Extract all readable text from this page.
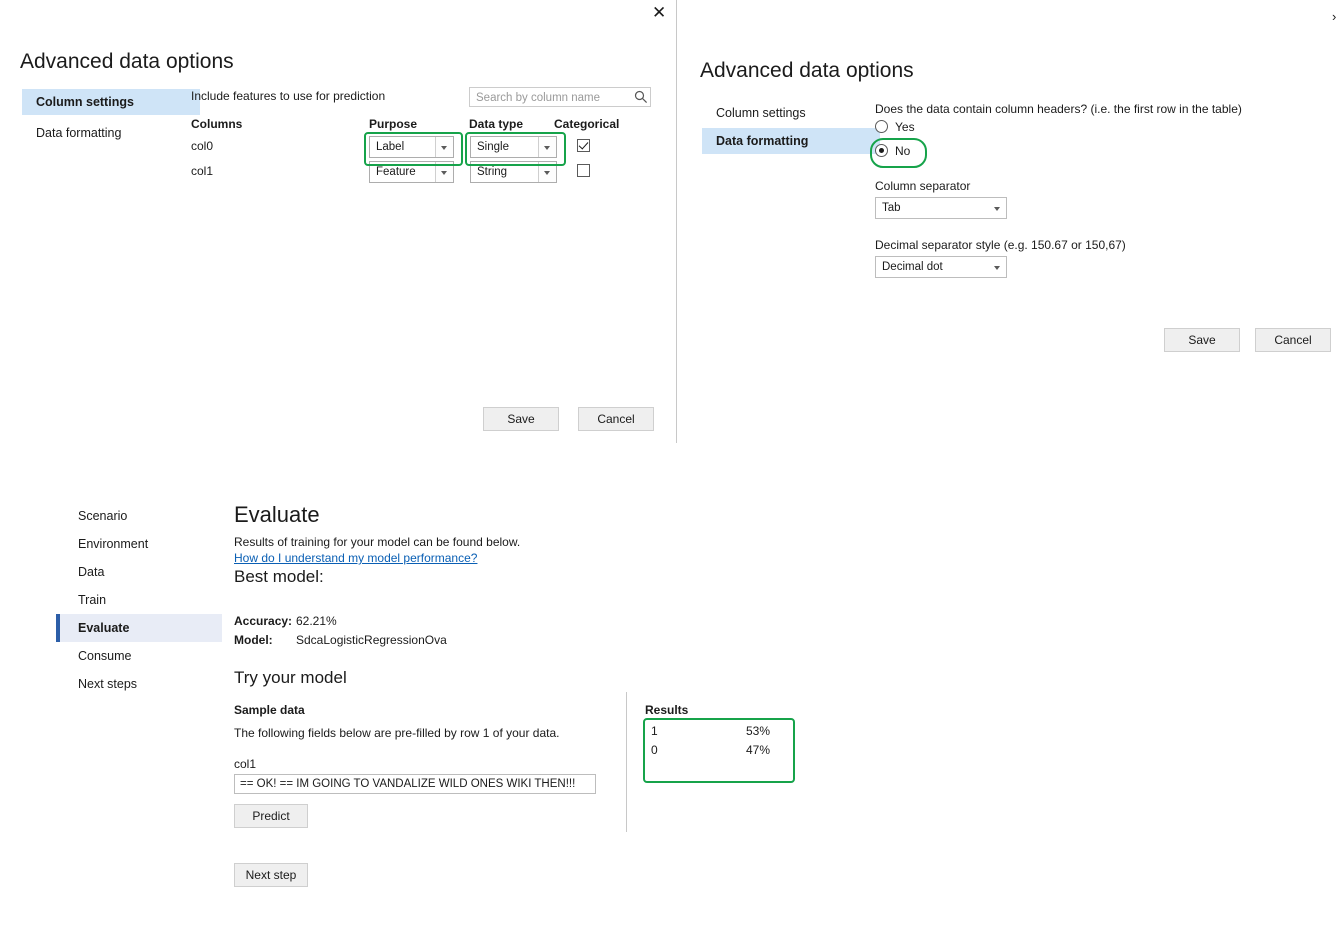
✕
Advanced data options
Column settings
Data formatting
Include features to use for prediction	Search by column name
Columns	Purpose	Data type	Categorical
col0	Label	Single
col1	Feature	String
Save	Cancel
›
Advanced data options
Column settings
Data formatting
Does the data contain column headers? (i.e. the first row in the table)
Yes
No
Column separator
Tab
Decimal separator style (e.g. 150.67 or 150,67)
Decimal dot
Save	Cancel
Scenario
Environment
Data
Train
Evaluate
Consume
Next steps
Evaluate
Results of training for your model can be found below.
How do I understand my model performance?
Best model:
Accuracy: 62.21%
Model: SdcaLogisticRegressionOva
Try your model
Sample data
The following fields below are pre-filled by row 1 of your data.
col1
== OK! == IM GOING TO VANDALIZE WILD ONES WIKI THEN!!!
Predict
Next step
Results
1	53%
0	47%
